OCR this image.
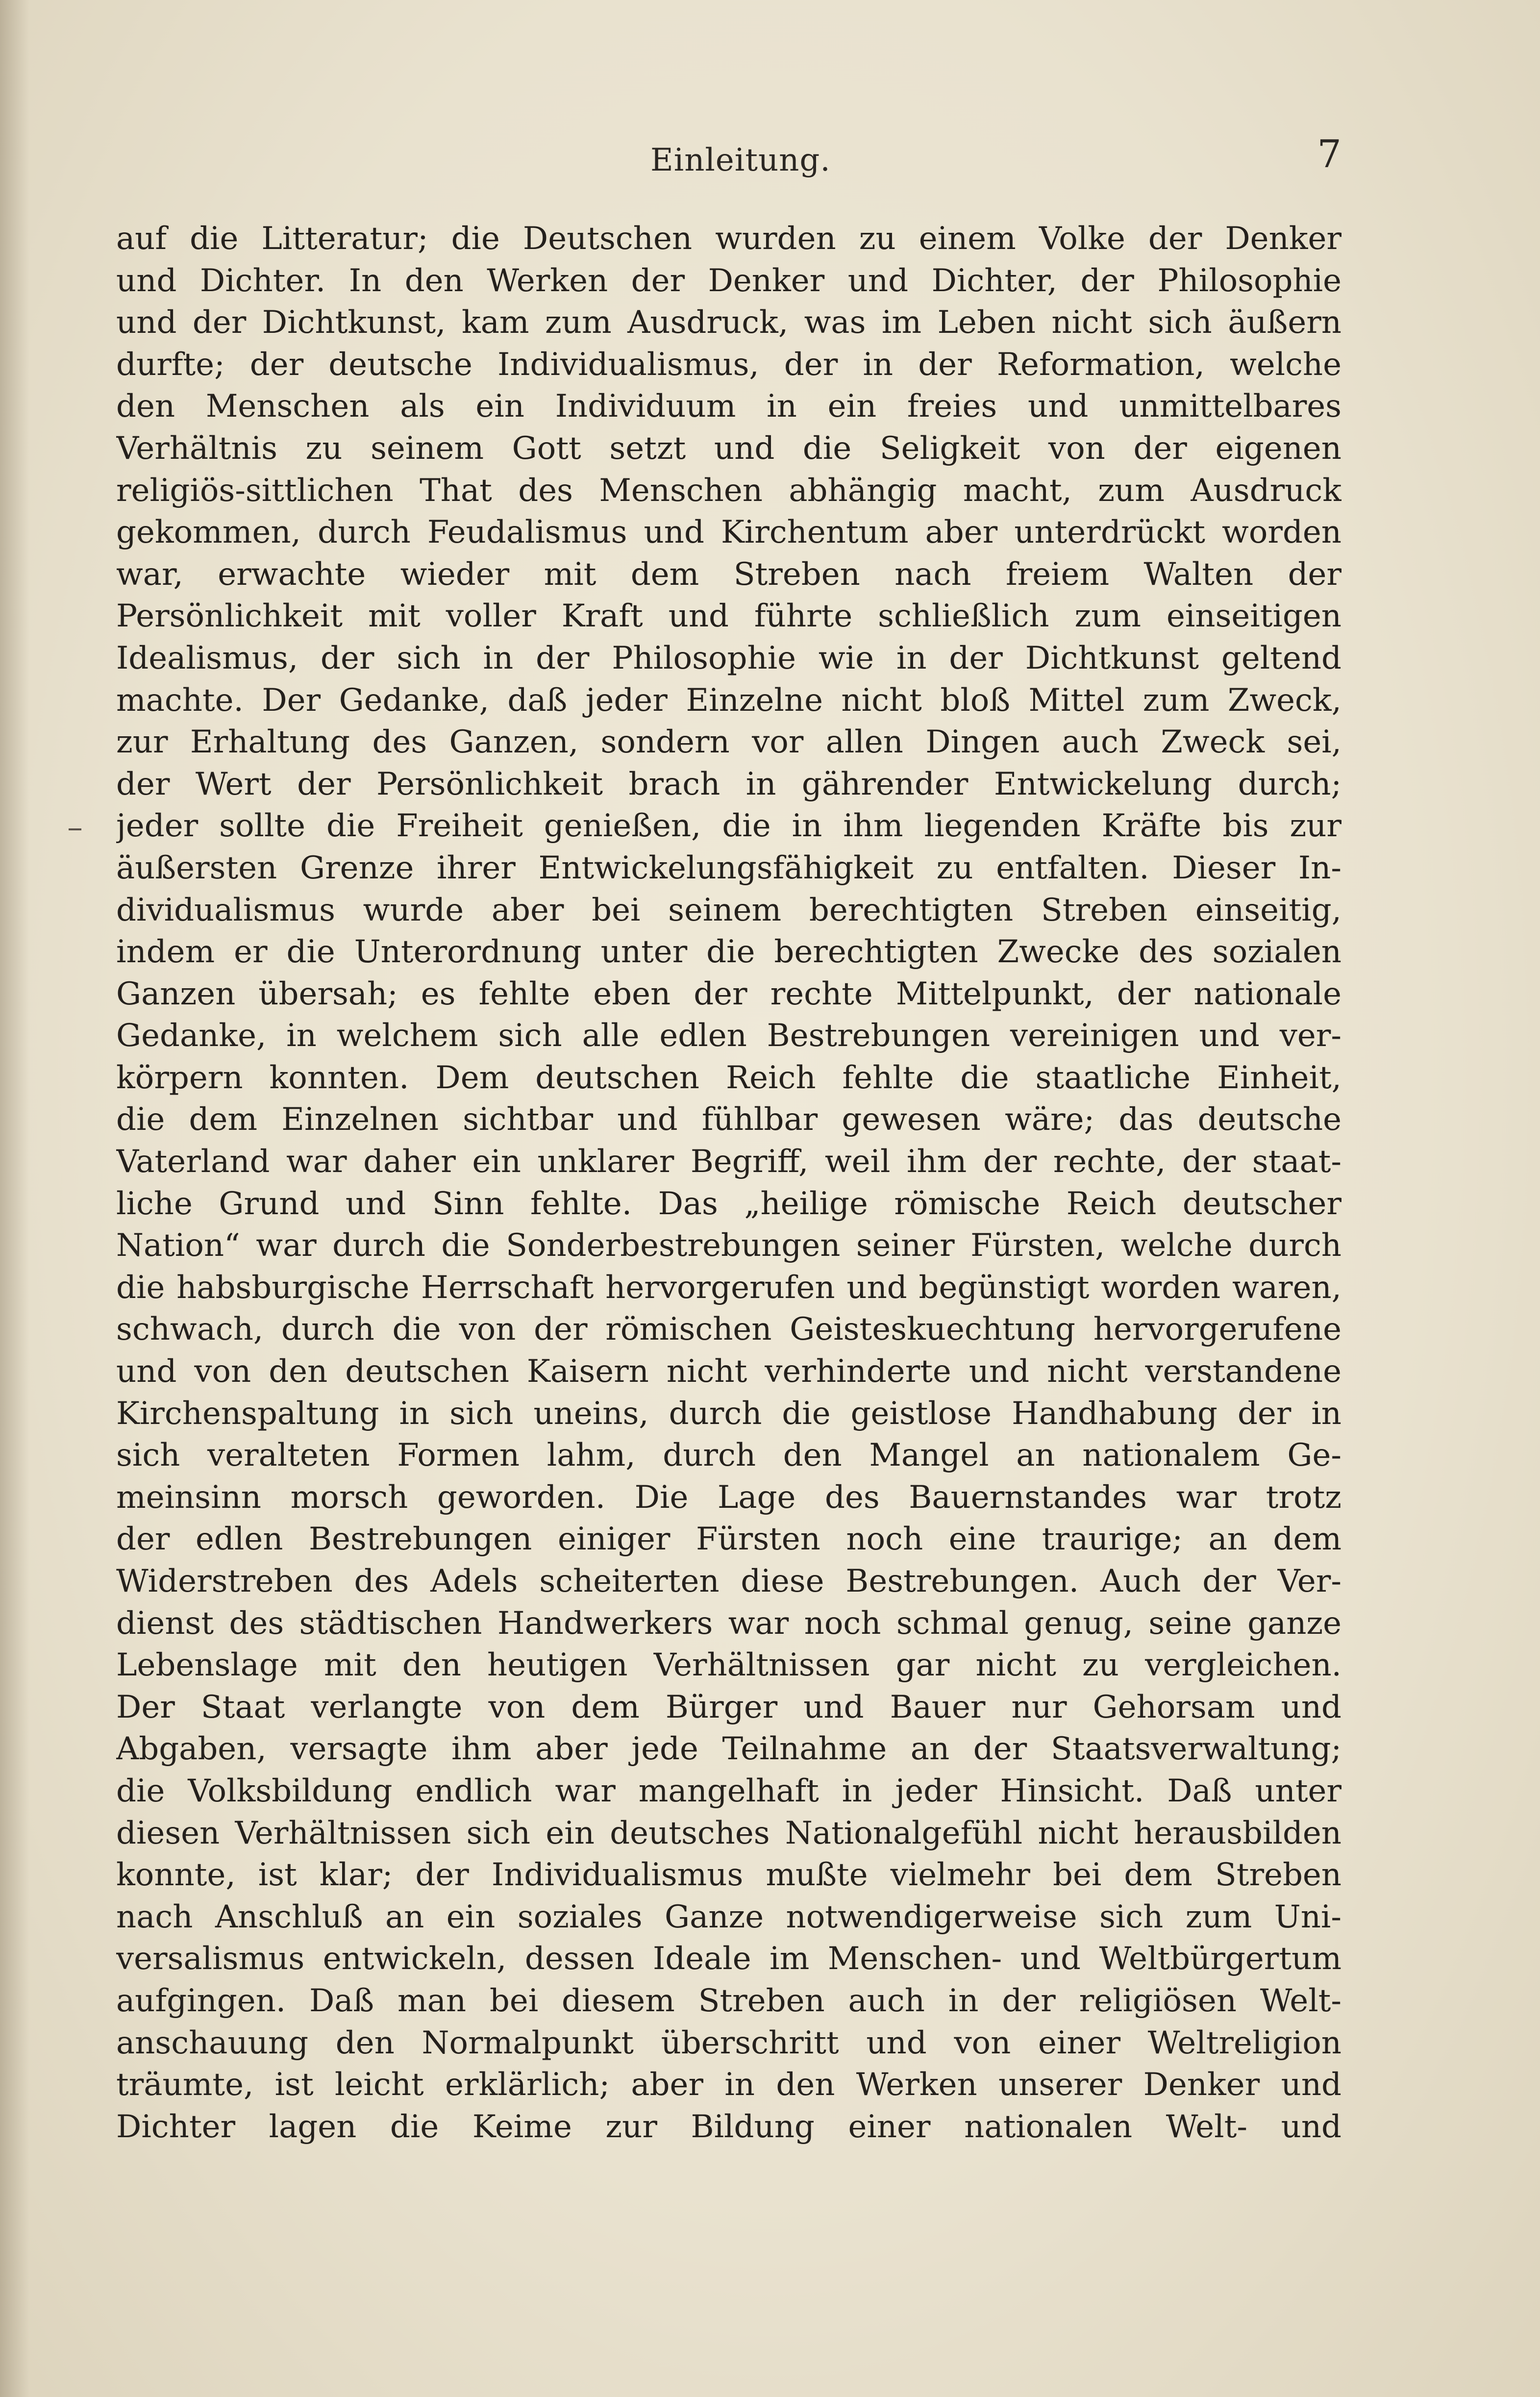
Einleitung.	7
auf die Litteratur; die Deutschen wurden zu einem Volke der Denker
und Dichter. In den Werken der Denker und Dichter, der Philosophie
und der Dichtkunst, kam zum Ausdruck, was im Leben nicht sich äußern
durfte; der deutsche Individualismus, der in der Reformation, welche
den Menschen als ein Individuum in ein freies und unmittelbares
Verhältnis zu seinem Gott setzt und die Seligkeit von der eigenen
religiös-sittlichen That des Menschen abhängig macht, zum Ausdruck
gekommen, durch Feudalismus und Kirchentum aber unterdrückt worden
war, erwachte wieder mit dem Streben nach freiem Walten der
Persönlichkeit mit voller Kraft und führte schließlich zum einseitigen
Idealismus, der sich in der Philosophie wie in der Dichtkunst geltend
machte. Der Gedanke, daß jeder Einzelne nicht bloß Mittel zum Zweck,
zur Erhaltung des Ganzen, sondern vor allen Dingen auch Zweck sei,
der Wert der Persönlichkeit brach in gährender Entwickelung durch;
jeder sollte die Freiheit genießen, die in ihm liegenden Kräfte bis zur
äußersten Grenze ihrer Entwickelungsfähigkeit zu entfalten. Dieser In-
dividualismus wurde aber bei seinem berechtigten Streben einseitig,
indem er die Unterordnung unter die berechtigten Zwecke des sozialen
Ganzen übersah; es fehlte eben der rechte Mittelpunkt, der nationale
Gedanke, in welchem sich alle edlen Bestrebungen vereinigen und ver-
körpern konnten. Dem deutschen Reich fehlte die staatliche Einheit,
die dem Einzelnen sichtbar und fühlbar gewesen wäre; das deutsche
Vaterland war daher ein unklarer Begriff, weil ihm der rechte, der staat-
liche Grund und Sinn fehlte. Das „heilige römische Reich deutscher
Nation“ war durch die Sonderbestrebungen seiner Fürsten, welche durch
die habsburgische Herrschaft hervorgerufen und begünstigt worden waren,
schwach, durch die von der römischen Geisteskuechtung hervorgerufene
und von den deutschen Kaisern nicht verhinderte und nicht verstandene
Kirchenspaltung in sich uneins, durch die geistlose Handhabung der in
sich veralteten Formen lahm, durch den Mangel an nationalem Ge-
meinsinn morsch geworden. Die Lage des Bauernstandes war trotz
der edlen Bestrebungen einiger Fürsten noch eine traurige; an dem
Widerstreben des Adels scheiterten diese Bestrebungen. Auch der Ver-
dienst des städtischen Handwerkers war noch schmal genug, seine ganze
Lebenslage mit den heutigen Verhältnissen gar nicht zu vergleichen.
Der Staat verlangte von dem Bürger und Bauer nur Gehorsam und
Abgaben, versagte ihm aber jede Teilnahme an der Staatsverwaltung;
die Volksbildung endlich war mangelhaft in jeder Hinsicht. Daß unter
diesen Verhältnissen sich ein deutsches Nationalgefühl nicht herausbilden
konnte, ist klar; der Individualismus mußte vielmehr bei dem Streben
nach Anschluß an ein soziales Ganze notwendigerweise sich zum Uni-
versalismus entwickeln, dessen Ideale im Menschen- und Weltbürgertum
aufgingen. Daß man bei diesem Streben auch in der religiösen Welt-
anschauung den Normalpunkt überschritt und von einer Weltreligion
träumte, ist leicht erklärlich; aber in den Werken unserer Denker und
Dichter lagen die Keime zur Bildung einer nationalen Welt- und
